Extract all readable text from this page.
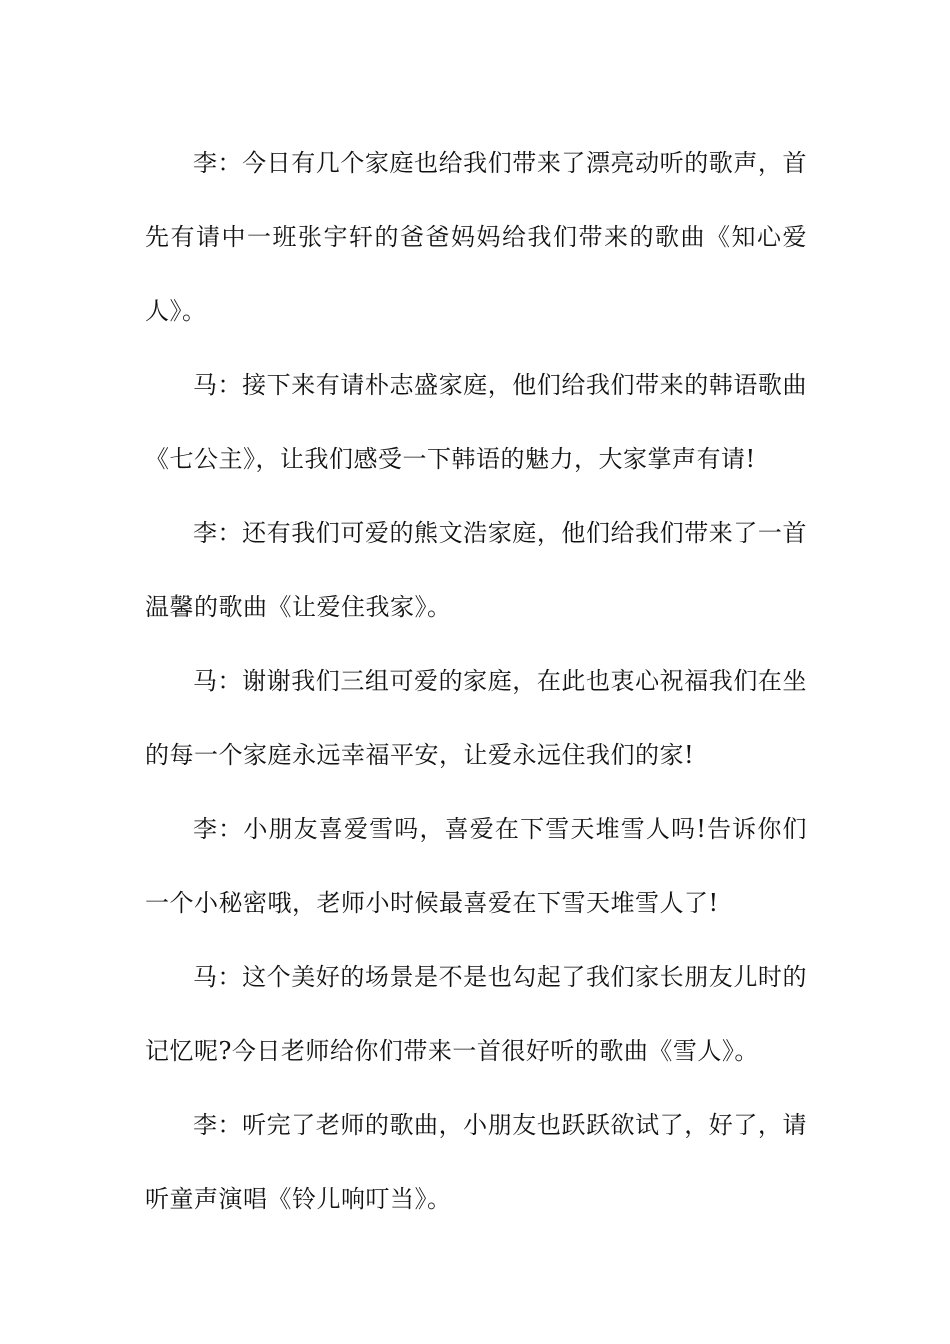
李：今日有几个家庭也给我们带来了漂亮动听的歌声，首先有请中一班张宇轩的爸爸妈妈给我们带来的歌曲《知心爱人》。

马：接下来有请朴志盛家庭，他们给我们带来的韩语歌曲《七公主》，让我们感受一下韩语的魅力，大家掌声有请!

李：还有我们可爱的熊文浩家庭，他们给我们带来了一首温馨的歌曲《让爱住我家》。

马：谢谢我们三组可爱的家庭，在此也衷心祝福我们在坐的每一个家庭永远幸福平安，让爱永远住我们的家!

李：小朋友喜爱雪吗，喜爱在下雪天堆雪人吗!告诉你们一个小秘密哦，老师小时候最喜爱在下雪天堆雪人了!

马：这个美好的场景是不是也勾起了我们家长朋友儿时的记忆呢?今日老师给你们带来一首很好听的歌曲《雪人》。

李：听完了老师的歌曲，小朋友也跃跃欲试了，好了，请听童声演唱《铃儿响叮当》。
